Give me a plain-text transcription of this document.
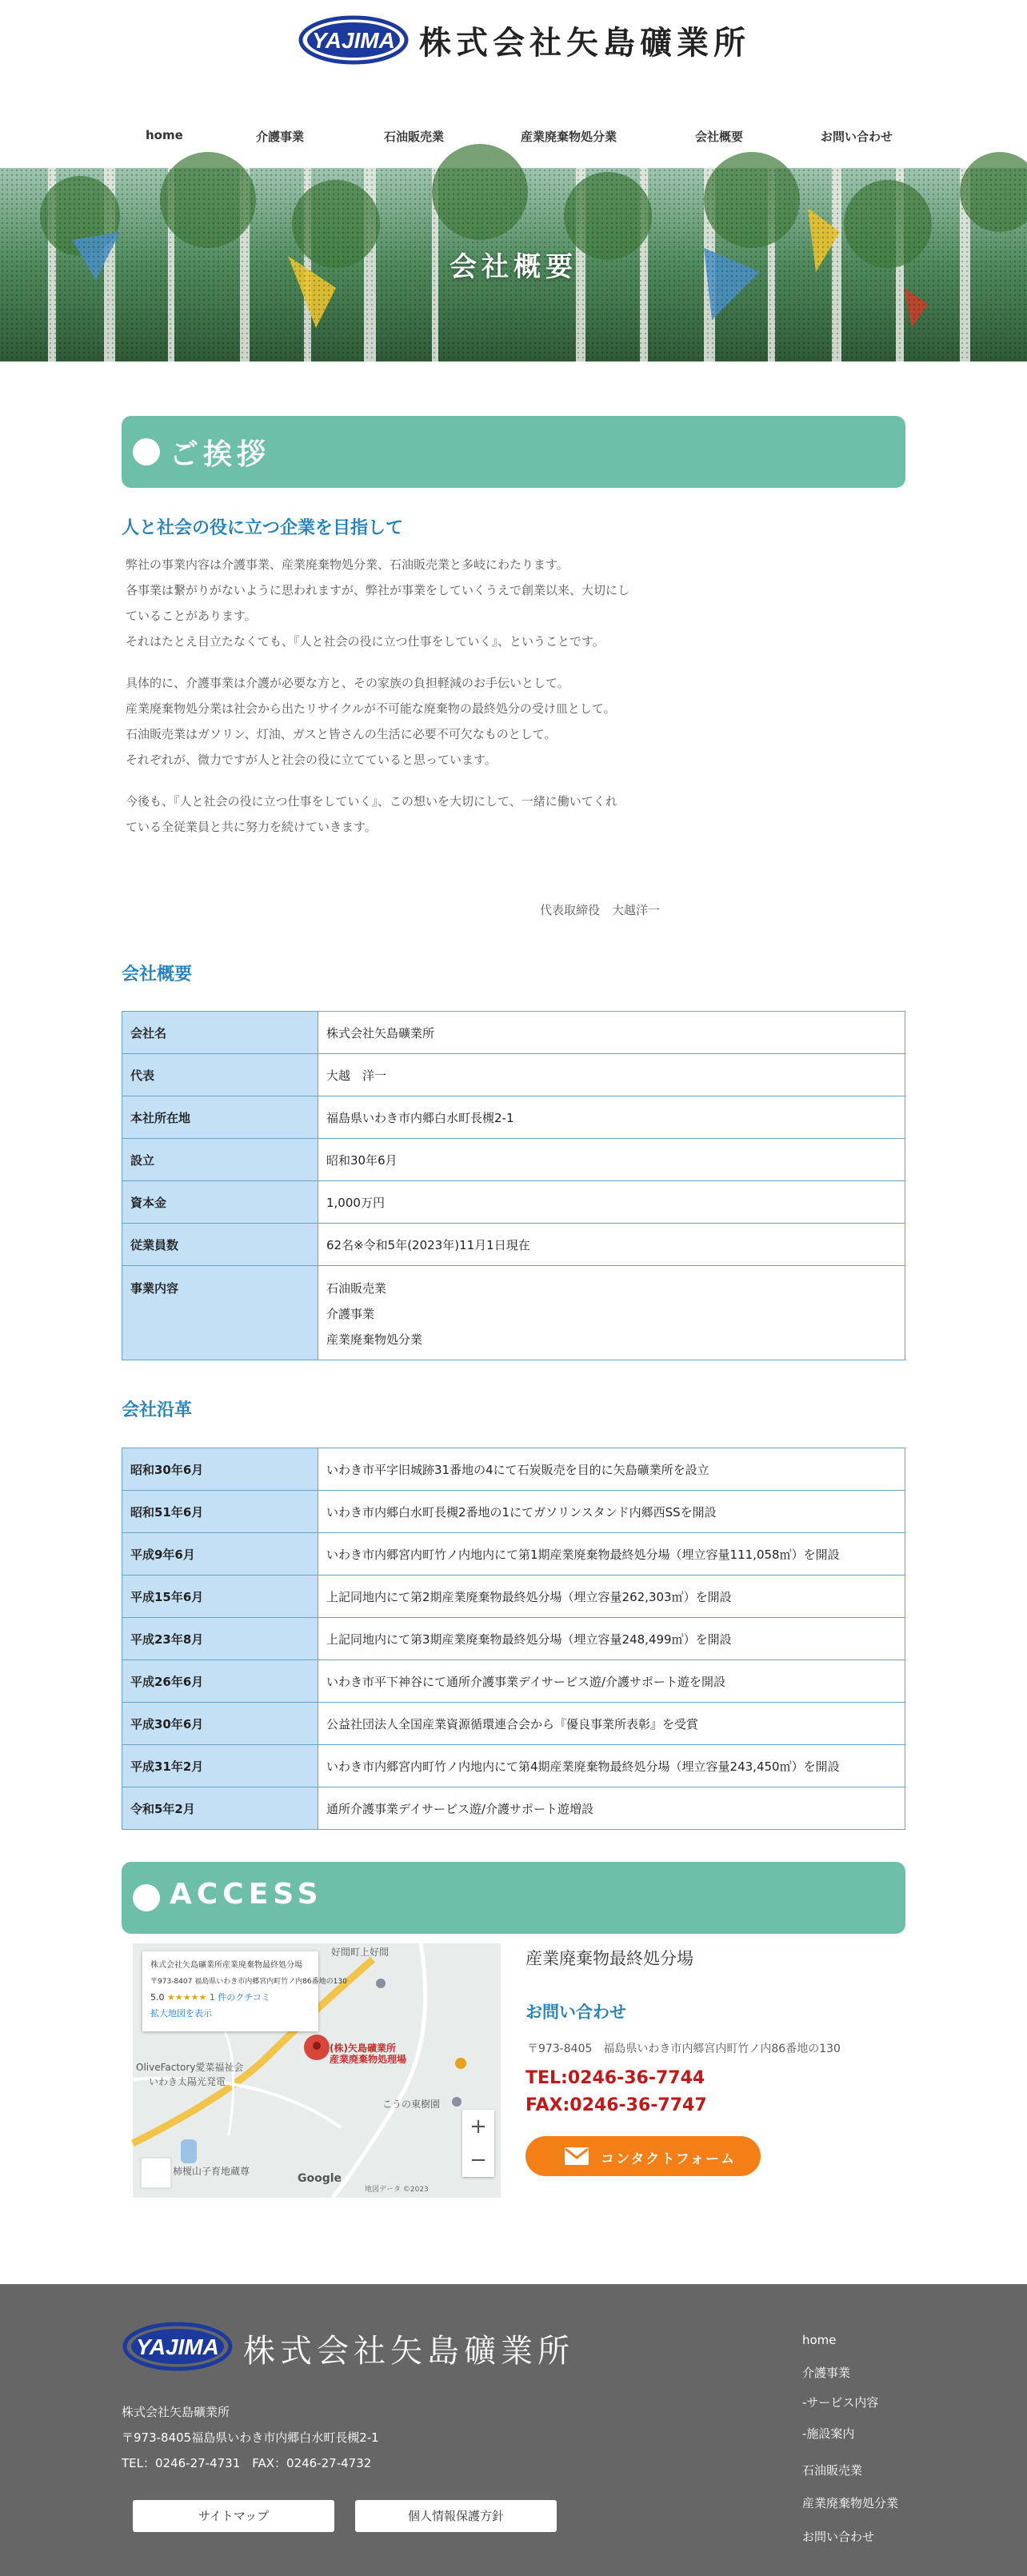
YAJIMA 株式会社矢島礦業所
home	介護事業	石油販売業	産業廃棄物処分業	会社概要	お問い合わせ
会社概要
ご挨拶
人と社会の役に立つ企業を目指して

弊社の事業内容は介護事業、産業廃棄物処分業、石油販売業と多岐にわたります。
各事業は繋がりがないように思われますが、弊社が事業をしていくうえで創業以来、大切にし
ていることがあります。
それはたとえ目立たなくても、『人と社会の役に立つ仕事をしていく』、ということです。

具体的に、介護事業は介護が必要な方と、その家族の負担軽減のお手伝いとして。
産業廃棄物処分業は社会から出たリサイクルが不可能な廃棄物の最終処分の受け皿として。
石油販売業はガソリン、灯油、ガスと皆さんの生活に必要不可欠なものとして。
それぞれが、微力ですが人と社会の役に立てていると思っています。

今後も、『人と社会の役に立つ仕事をしていく』、この想いを大切にして、一緒に働いてくれ
ている全従業員と共に努力を続けていきます。

代表取締役　大越洋一
会社概要
会社名	株式会社矢島礦業所
代表	大越　洋一
本社所在地	福島県いわき市内郷白水町長槻2-1
設立	昭和30年6月
資本金	1,000万円
従業員数	62名※令和5年(2023年)11月1日現在
事業内容	石油販売業
介護事業
産業廃棄物処分業
会社沿革
昭和30年6月	いわき市平字旧城跡31番地の4にて石炭販売を目的に矢島礦業所を設立
昭和51年6月	いわき市内郷白水町長槻2番地の1にてガソリンスタンド内郷西SSを開設
平成9年6月	いわき市内郷宮内町竹ノ内地内にて第1期産業廃棄物最終処分場（埋立容量111,058㎥）を開設
平成15年6月	上記同地内にて第2期産業廃棄物最終処分場（埋立容量262,303㎥）を開設
平成23年8月	上記同地内にて第3期産業廃棄物最終処分場（埋立容量248,499㎥）を開設
平成26年6月	いわき市平下神谷にて通所介護事業デイサービス遊/介護サポート遊を開設
平成30年6月	公益社団法人全国産業資源循環連合会から『優良事業所表彰』を受賞
平成31年2月	いわき市内郷宮内町竹ノ内地内にて第4期産業廃棄物最終処分場（埋立容量243,450㎥）を開設
令和5年2月	通所介護事業デイサービス遊/介護サポート遊増設
ACCESS
株式会社矢島礦業所産業廃棄物最終処分場
〒973-8407 福島県いわき市内郷宮内町竹ノ内86番地の130
5.0 ★★★★★ 1 件のクチコミ
拡大地図を表示
好間町上好間
OliveFactory愛菜福祉会
いわき太陽光発電
こうの東樹園
柿榎山子育地蔵尊
(株)矢島礦業所
産業廃棄物処理場
+
−
Google
地図データ ©2023
産業廃棄物最終処分場
お問い合わせ
〒973-8405　福島県いわき市内郷宮内町竹ノ内86番地の130
TEL:0246-36-7744
FAX:0246-36-7747
コンタクトフォーム
YAJIMA 株式会社矢島礦業所
株式会社矢島礦業所
〒973-8405福島県いわき市内郷白水町長槻2-1
TEL：0246-27-4731　FAX：0246-27-4732
サイトマップ	個人情報保護方針
home
介護事業
-サービス内容
-施設案内
石油販売業
産業廃棄物処分業
お問い合わせ
